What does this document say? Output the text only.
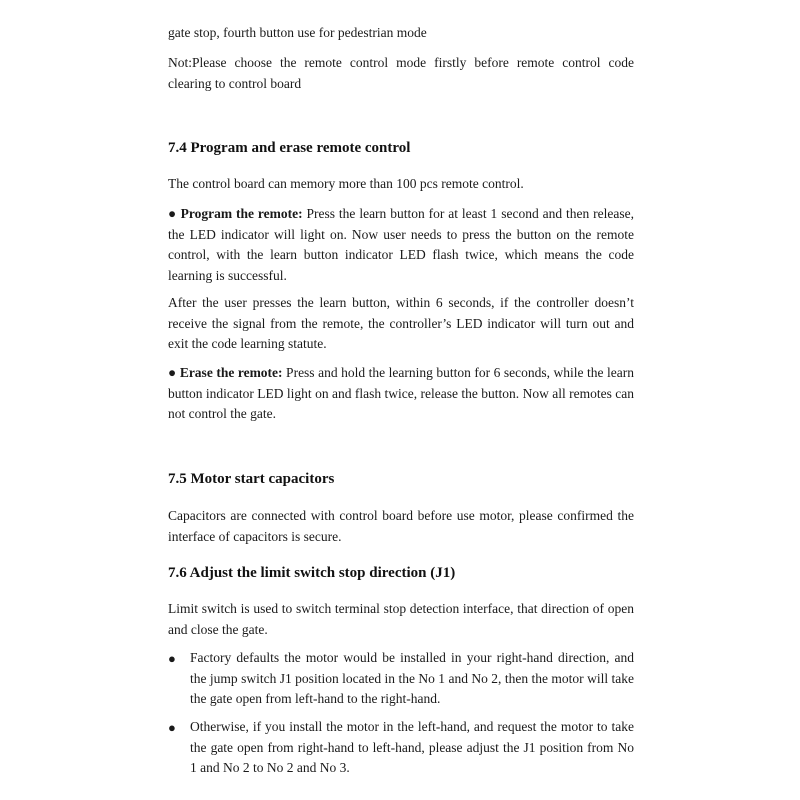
gate stop, fourth button use for pedestrian mode

Not:Please choose the remote control mode firstly before remote control code clearing to control board

7.4 Program and erase remote control

The control board can memory more than 100 pcs remote control.

● Program the remote: Press the learn button for at least 1 second and then release, the LED indicator will light on. Now user needs to press the button on the remote control, with the learn button indicator LED flash twice, which means the code learning is successful.

After the user presses the learn button, within 6 seconds, if the controller doesn’t receive the signal from the remote, the controller’s LED indicator will turn out and exit the code learning statute.

● Erase the remote: Press and hold the learning button for 6 seconds, while the learn button indicator LED light on and flash twice, release the button. Now all remotes can not control the gate.

7.5 Motor start capacitors

Capacitors are connected with control board before use motor, please confirmed the interface of capacitors is secure.

7.6 Adjust the limit switch stop direction (J1)

Limit switch is used to switch terminal stop detection interface, that direction of open and close the gate.

● Factory defaults the motor would be installed in your right-hand direction, and the jump switch J1 position located in the No 1 and No 2, then the motor will take the gate open from left-hand to the right-hand.

● Otherwise, if you install the motor in the left-hand, and request the motor to take the gate open from right-hand to left-hand, please adjust the J1 position from No 1 and No 2 to No 2 and No 3.
